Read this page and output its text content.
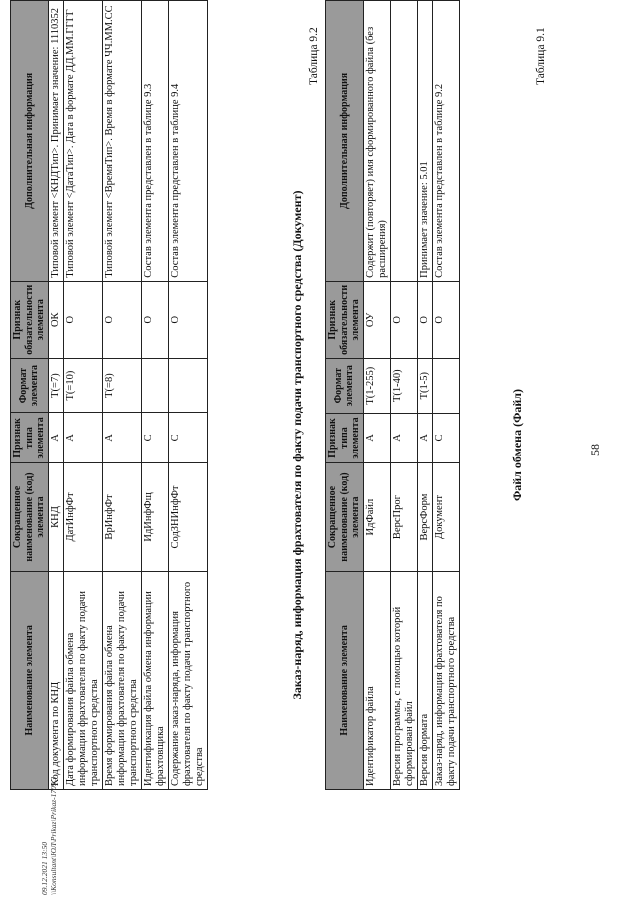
58
Таблица 9.1
Файл обмена (Файл)
Наименование элемента	Сокращенное наименование (код) элемента	Признак типа элемента	Формат элемента	Признак обязательности элемента	Дополнительная информация
Идентификатор файла	ИдФайл	А	T(1-255)	ОУ	Содержит (повторяет) имя сформированного файла (без расширения)
Версия программы, с помощью которой сформирован файл	ВерсПрог	А	T(1-40)	О	
Версия формата	ВерсФорм	А	T(1-5)	О	Принимает значение: 5.01
Заказ-наряд, информация фрахтователя по факту подачи транспортного средства	Документ	С		О	Состав элемента представлен в таблице 9.2
Таблица 9.2
Заказ-наряд, информация фрахтователя по факту подачи транспортного средства (Документ)
Наименование элемента	Сокращенное наименование (код) элемента	Признак типа элемента	Формат элемента	Признак обязательности элемента	Дополнительная информация
Код документа по КНД	КНД	А	T(=7)	ОК	Типовой элемент <КНДТип>. Принимает значение: 1110352
Дата формирования файла обмена информации фрахтователя по факту подачи транспортного средства	ДатИнфФт	А	T(=10)	О	Типовой элемент <ДатаТип>. Дата в формате ДД.ММ.ГГГГ
Время формирования файла обмена информации фрахтователя по факту подачи транспортного средства	ВрИнфФт	А	T(=8)	О	Типовой элемент <ВремяТип>. Время в формате ЧЧ.ММ.СС
Идентификация файла обмена информации фрахтовщика	ИдИнфФщ	С		О	Состав элемента представлен в таблице 9.3
Содержание заказ-наряда, информация фрахтователя по факту подачи транспортного средства	СодЗНИнфФт	С		О	Состав элемента представлен в таблице 9.4
09.12.2021 13:50 \\Konsultant\ЮЛ\Prikaz\Prikaz-1709.3
